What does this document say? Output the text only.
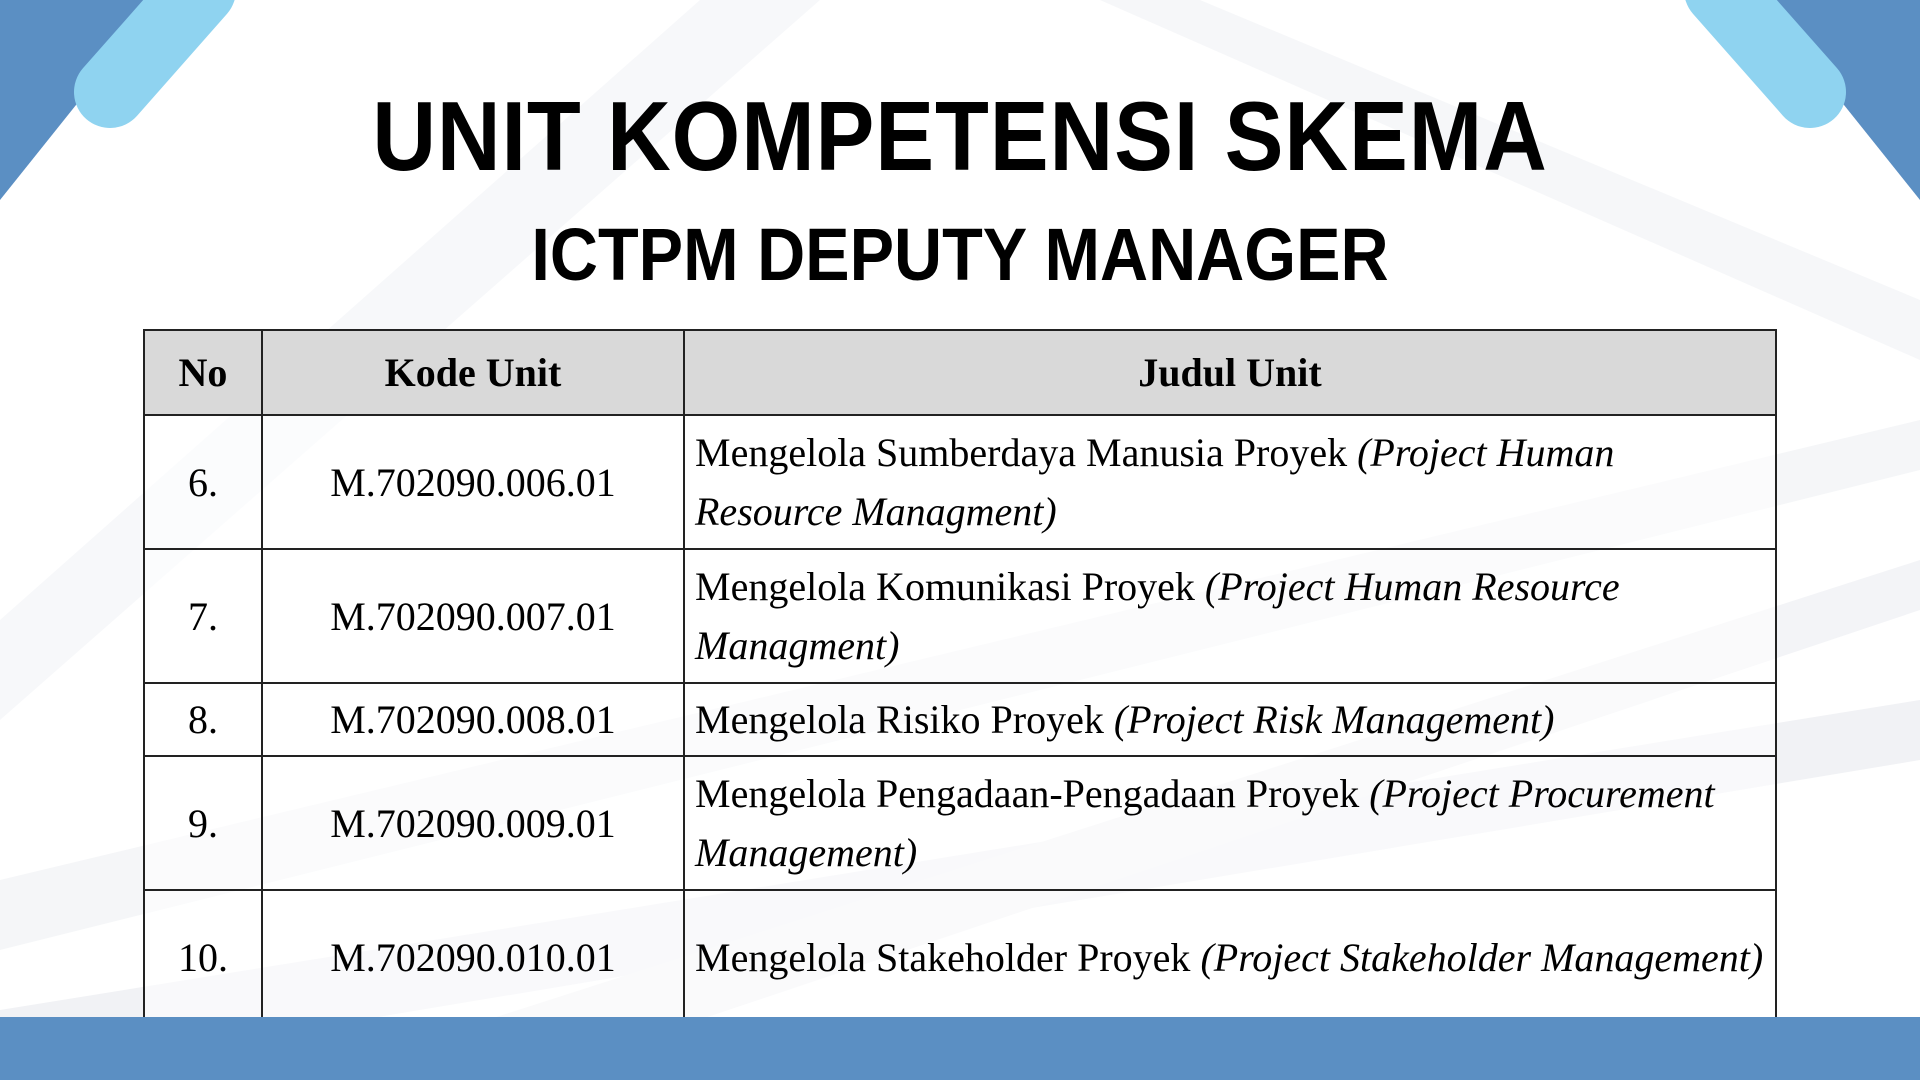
UNIT KOMPETENSI SKEMA
ICTPM DEPUTY MANAGER
No	Kode Unit	Judul Unit
6.	M.702090.006.01	Mengelola Sumberdaya Manusia Proyek (Project Human Resource Managment)
7.	M.702090.007.01	Mengelola Komunikasi Proyek (Project Human Resource Managment)
8.	M.702090.008.01	Mengelola Risiko Proyek (Project Risk Management)
9.	M.702090.009.01	Mengelola Pengadaan-Pengadaan Proyek (Project Procurement Management)
10.	M.702090.010.01	Mengelola Stakeholder Proyek (Project Stakeholder Management)
